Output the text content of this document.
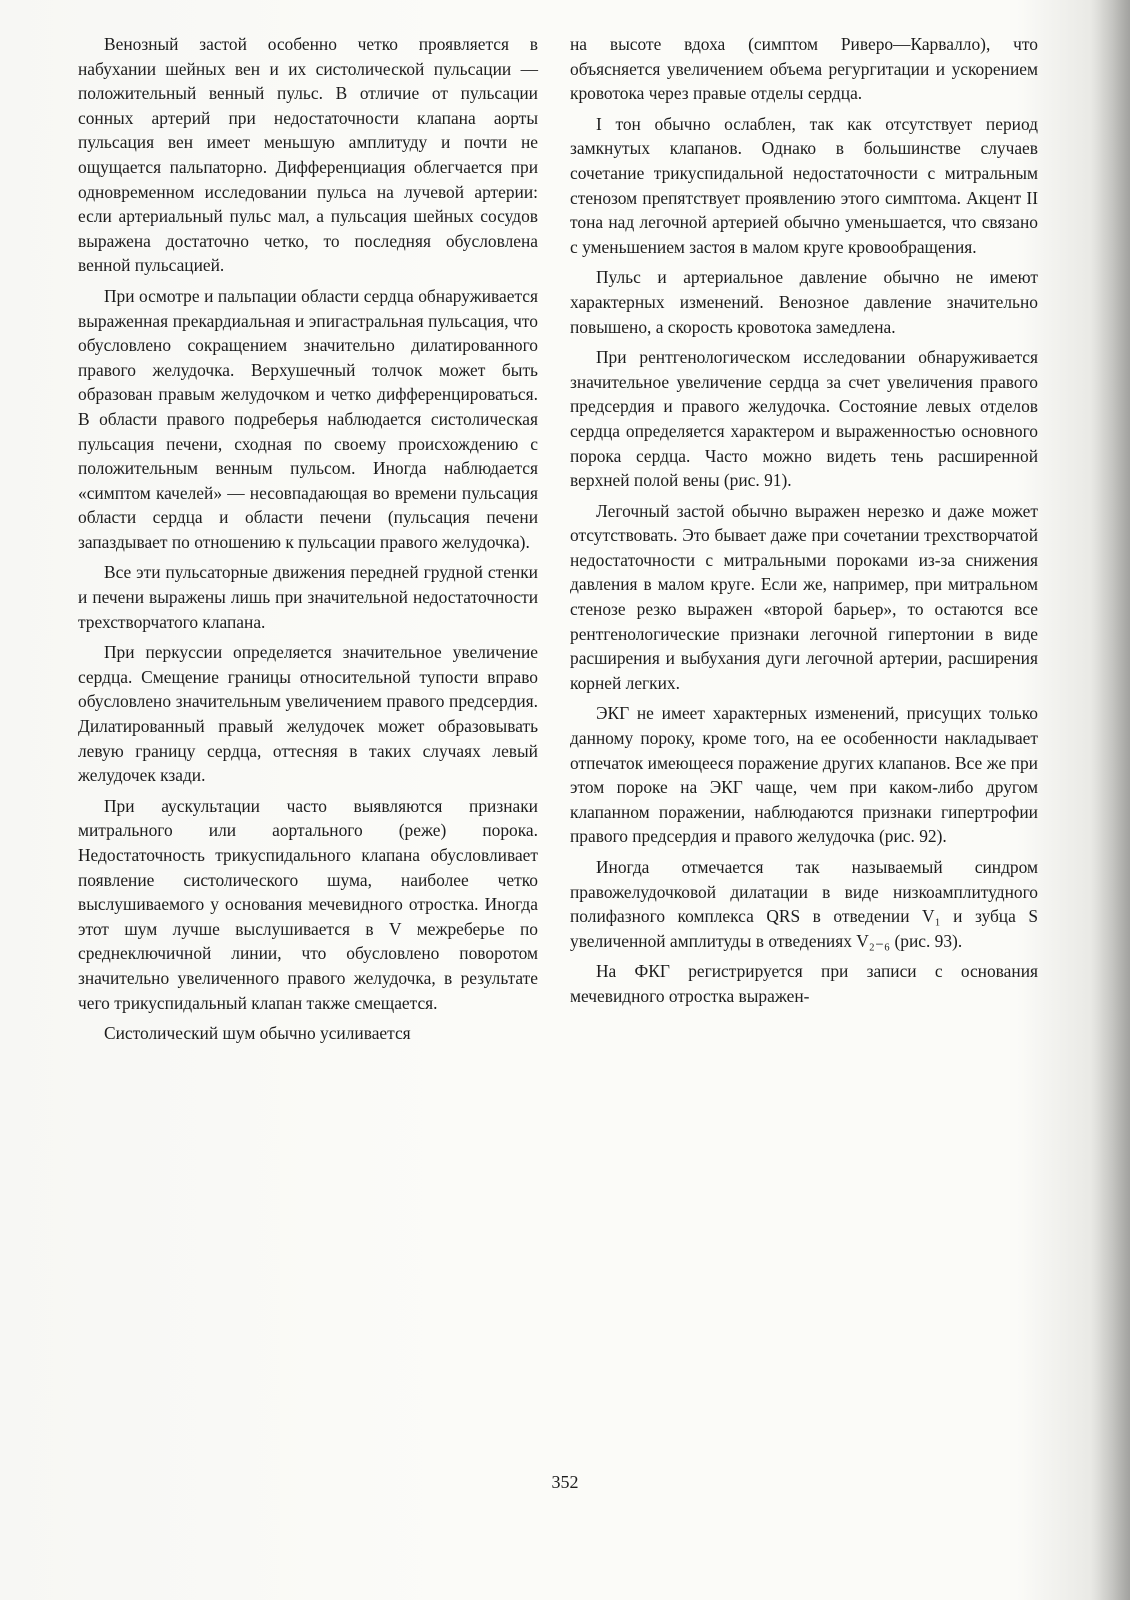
Венозный застой особенно четко проявляется в набухании шейных вен и их систолической пульсации — положительный венный пульс. В отличие от пульсации сонных артерий при недостаточности клапана аорты пульсация вен имеет меньшую амплитуду и почти не ощущается пальпаторно. Дифференциация облегчается при одновременном исследовании пульса на лучевой артерии: если артериальный пульс мал, а пульсация шейных сосудов выражена достаточно четко, то последняя обусловлена венной пульсацией.

При осмотре и пальпации области сердца обнаруживается выраженная прекардиальная и эпигастральная пульсация, что обусловлено сокращением значительно дилатированного правого желудочка. Верхушечный толчок может быть образован правым желудочком и четко дифференцироваться. В области правого подреберья наблюдается систолическая пульсация печени, сходная по своему происхождению с положительным венным пульсом. Иногда наблюдается «симптом качелей» — несовпадающая во времени пульсация области сердца и области печени (пульсация печени запаздывает по отношению к пульсации правого желудочка).

Все эти пульсаторные движения передней грудной стенки и печени выражены лишь при значительной недостаточности трехстворчатого клапана.

При перкуссии определяется значительное увеличение сердца. Смещение границы относительной тупости вправо обусловлено значительным увеличением правого предсердия. Дилатированный правый желудочек может образовывать левую границу сердца, оттесняя в таких случаях левый желудочек кзади.

При аускультации часто выявляются признаки митрального или аортального (реже) порока. Недостаточность трикуспидального клапана обусловливает появление систолического шума, наиболее четко выслушиваемого у основания мечевидного отростка. Иногда этот шум лучше выслушивается в V межреберье по среднеключичной линии, что обусловлено поворотом значительно увеличенного правого желудочка, в результате чего трикуспидальный клапан также смещается.

Систолический шум обычно усиливается

на высоте вдоха (симптом Риверо—Карвалло), что объясняется увеличением объема регургитации и ускорением кровотока через правые отделы сердца.

I тон обычно ослаблен, так как отсутствует период замкнутых клапанов. Однако в большинстве случаев сочетание трикуспидальной недостаточности с митральным стенозом препятствует проявлению этого симптома. Акцент II тона над легочной артерией обычно уменьшается, что связано с уменьшением застоя в малом круге кровообращения.

Пульс и артериальное давление обычно не имеют характерных изменений. Венозное давление значительно повышено, а скорость кровотока замедлена.

При рентгенологическом исследовании обнаруживается значительное увеличение сердца за счет увеличения правого предсердия и правого желудочка. Состояние левых отделов сердца определяется характером и выраженностью основного порока сердца. Часто можно видеть тень расширенной верхней полой вены (рис. 91).

Легочный застой обычно выражен нерезко и даже может отсутствовать. Это бывает даже при сочетании трехстворчатой недостаточности с митральными пороками из-за снижения давления в малом круге. Если же, например, при митральном стенозе резко выражен «второй барьер», то остаются все рентгенологические признаки легочной гипертонии в виде расширения и выбухания дуги легочной артерии, расширения корней легких.

ЭКГ не имеет характерных изменений, присущих только данному пороку, кроме того, на ее особенности накладывает отпечаток имеющееся поражение других клапанов. Все же при этом пороке на ЭКГ чаще, чем при каком-либо другом клапанном поражении, наблюдаются признаки гипертрофии правого предсердия и правого желудочка (рис. 92).

Иногда отмечается так называемый синдром правожелудочковой дилатации в виде низкоамплитудного полифазного комплекса QRS в отведении V₁ и зубца S увеличенной амплитуды в отведениях V₂₋₆ (рис. 93).

На ФКГ регистрируется при записи с основания мечевидного отростка выражен-

352
